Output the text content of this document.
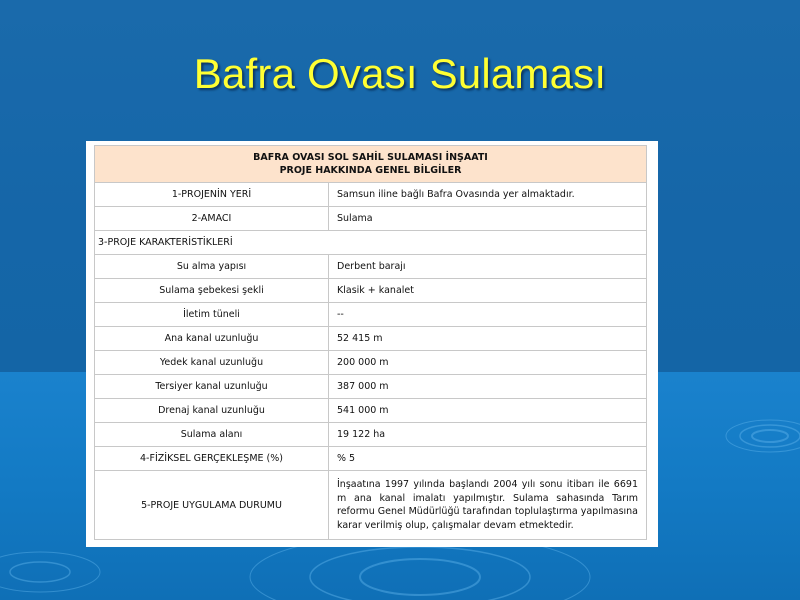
Bafra Ovası Sulaması
BAFRA OVASI SOL SAHİL SULAMASI İNŞAATI
PROJE HAKKINDA GENEL BİLGİLER	

1-PROJENİN YERİ	Samsun iline bağlı Bafra Ovasında yer almaktadır.
2-AMACI	Sulama
3-PROJE KARAKTERİSTİKLERİ	
Su alma yapısı	Derbent barajı
Sulama şebekesi şekli	Klasik + kanalet
İletim tüneli	--
Ana kanal uzunluğu	52 415 m
Yedek kanal uzunluğu	200 000 m
Tersiyer kanal uzunluğu	387 000 m
Drenaj kanal uzunluğu	541 000 m
Sulama alanı	19 122 ha
4-FİZİKSEL GERÇEKLEŞME (%)	% 5
5-PROJE UYGULAMA DURUMU	İnşaatına 1997 yılında başlandı 2004 yılı sonu itibarı ile 6691 m ana kanal imalatı yapılmıştır. Sulama sahasında Tarım reformu Genel Müdürlüğü tarafından toplulaştırma yapılmasına karar verilmiş olup, çalışmalar devam etmektedir.
